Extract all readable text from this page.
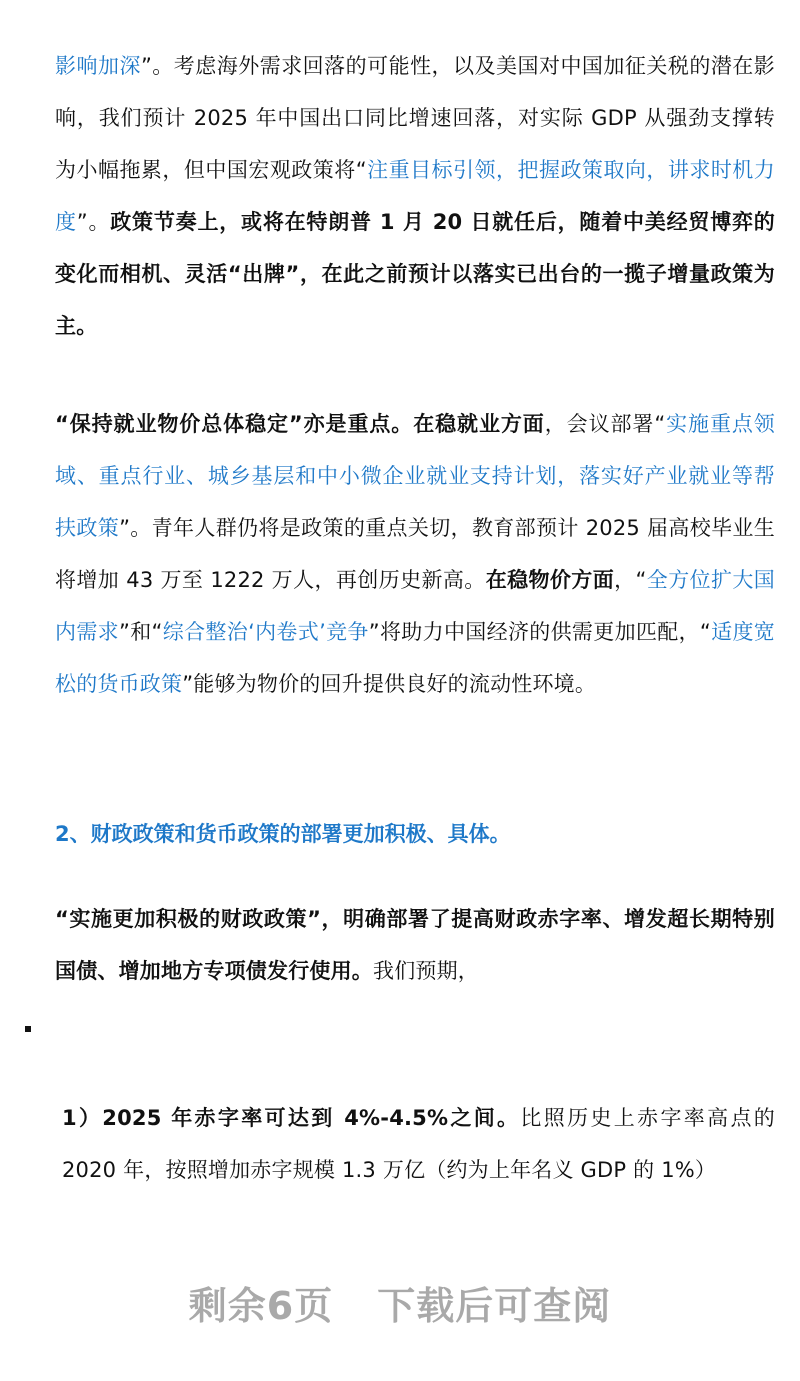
影响加深”。考虑海外需求回落的可能性，以及美国对中国加征关税的潜在影响，我们预计 2025 年中国出口同比增速回落，对实际 GDP 从强劲支撑转为小幅拖累，但中国宏观政策将“注重目标引领，把握政策取向，讲求时机力度”。政策节奏上，或将在特朗普 1 月 20 日就任后，随着中美经贸博弈的变化而相机、灵活“出牌”，在此之前预计以落实已出台的一揽子增量政策为主。

“保持就业物价总体稳定”亦是重点。在稳就业方面，会议部署“实施重点领域、重点行业、城乡基层和中小微企业就业支持计划，落实好产业就业等帮扶政策”。青年人群仍将是政策的重点关切，教育部预计 2025 届高校毕业生将增加 43 万至 1222 万人，再创历史新高。在稳物价方面，“全方位扩大国内需求”和“综合整治‘内卷式’竞争”将助力中国经济的供需更加匹配，“适度宽松的货币政策”能够为物价的回升提供良好的流动性环境。

2、财政政策和货币政策的部署更加积极、具体。

“实施更加积极的财政政策”，明确部署了提高财政赤字率、增发超长期特别国债、增加地方专项债发行使用。我们预期，

1）2025 年赤字率可达到 4%-4.5%之间。比照历史上赤字率高点的 2020 年，按照增加赤字规模 1.3 万亿（约为上年名义 GDP 的 1%）

剩余6页 下载后可查阅
